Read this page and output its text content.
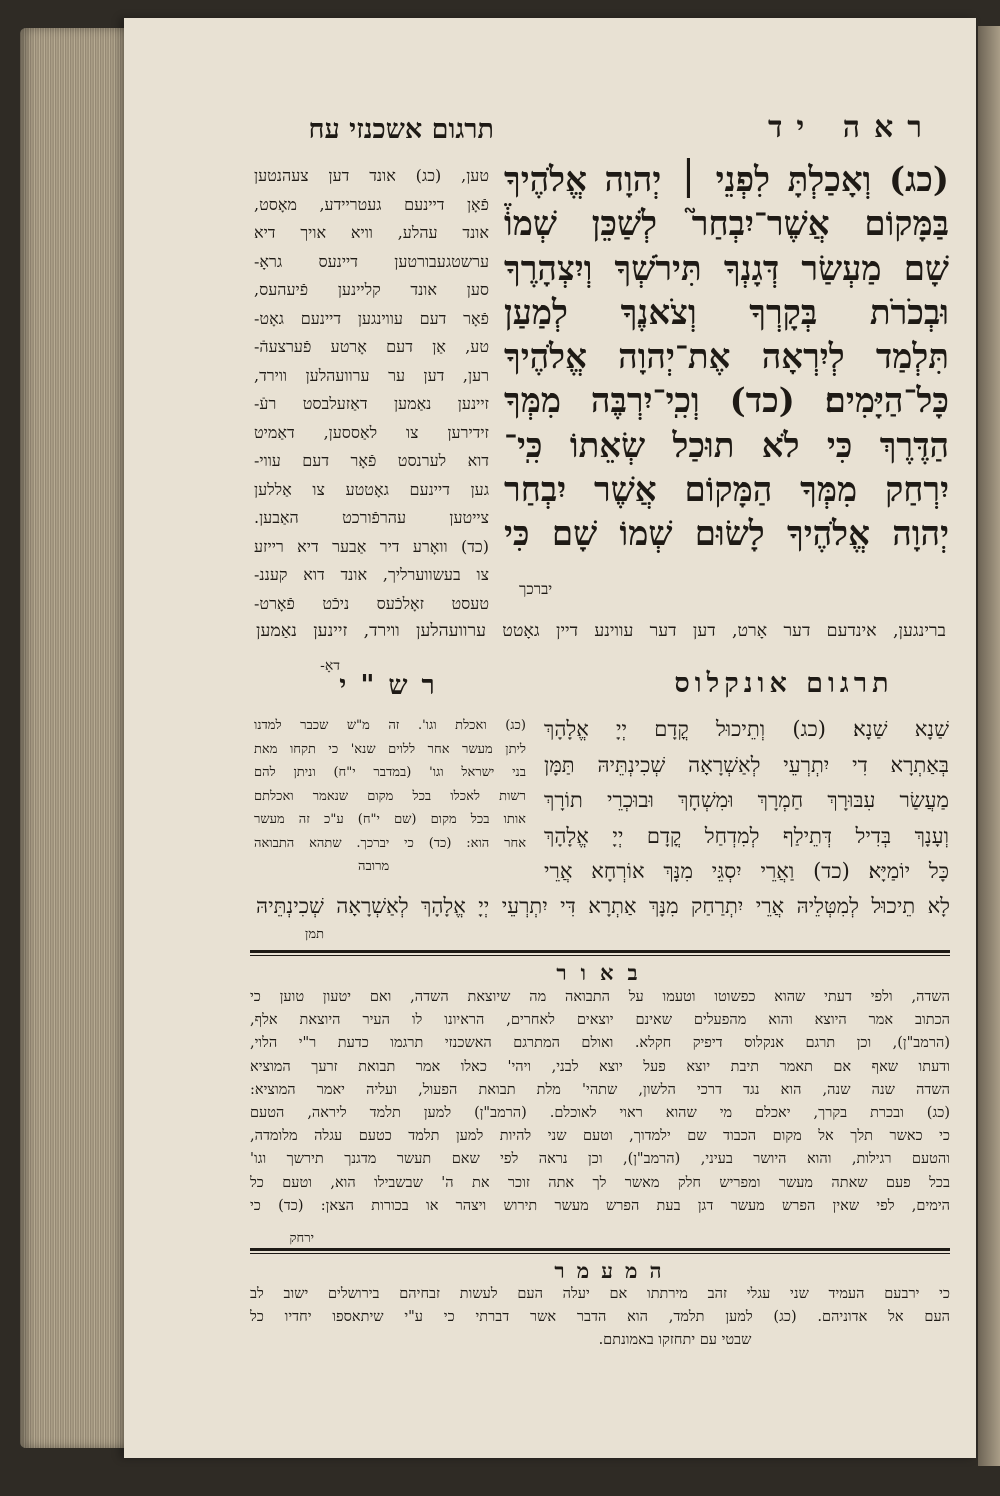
ראה יד
תרגום אשכנזי עח
(כג) וְאָכַלְתָּ לִפְנֵי ׀ יְהוָה אֱלֹהֶיךָ
בַּמָּקוֹם אֲשֶׁר־יִבְחַר֮ לְשַׁכֵּן שְׁמוֹ֒
שָׁם מַעְשַׂר דְּגָנְךָ תִּירֹשְׁךָ וְיִצְהָרֶךָ
וּבְכֹרֹת בְּקָרְךָ וְצֹאנֶךָ לְמַעַן
תִּלְמַד לְיִרְאָה אֶת־יְהוָה אֱלֹהֶיךָ
כָּל־הַיָּמִים׃ (כד) וְכִֽי־יִרְבֶּה מִמְּךָ
הַדֶּרֶךְ כִּי לֹא תוּכַל שְׂאֵתוֹ כִּֽי־
יִרְחַק מִמְּךָ הַמָּקוֹם אֲשֶׁר יִבְחַר
יְהוָה אֱלֹהֶיךָ לָשׂוּם שְׁמוֹ שָׁם כִּי
יברכך
טען, (כג) אונד דען צעהנטען
פֿאָן דיינעם געטריידע, מאָסט,
אונד עהלע, וויא אויך דיא
ערשטגעבורטען דיינעס גראָ-
סען אונד קליינען פֿיעהעס,
פֿאָר דעם עווינגען דיינעם גאָט-
טע, אַן דעם אָרטע פֿערצעהֿ-
רען, דען ער ערוועהלען ווירד,
זיינען נאַמען דאַזעלבסט רעֿ-
זידירען צו לאַססען, דאַמיט
דוא לערנסט פֿאָר דעם עווי-
גען דיינעם גאָטטע צו אַללען
צייטען עהרפֿורכט האַבען.
(כד) וואָרע דיר אַבער דיא רייזע
צו בעשווערליך, אונד דוא קעננ-
טעסט זאָלכֿעס ניכֿט פֿאָרט-
ברינגען, אינדעם דער אָרט, דען דער עווינע דיין גאָטט ערוועהלען ווירד, זיינען נאַמען
דאָ-
תרגום אונקלוס
רש"י
שַׁנָא שַׁנָא׃ (כג) וְתֵיכוּל קֳדָם יְיָ אֱלָהָךְ
בְּאַתְרָא דִי יִתְרְעֵי לְאַשְׁרָאָה שְׁכִינְתֵּיהּ תַּמָּן
מַעֲשַׂר עִבּוּרָךְ חַמְרָךְ וּמִשְׁחָךְ וּבוּכְרֵי תוֹרָךְ
וְעָנָךְ בְּדִיל דְּתֵילַף לְמִדְחַל קֳדָם יְיָ אֱלָהָךְ
כָּל יוֹמַיָּא׃ (כד) וַאֲרֵי יִסְגֵּי מִנָּךְ אוֹרְחָא אֲרֵי
לָא תֵיכוּל לְמִטְּלֵיהּ אֲרֵי יִתְרַחַק מִנָּךְ אַתְרָא דִּי יִתְרְעֵי יְיָ אֱלָהָךְ לְאַשְׁרָאָה שְׁכִינְתֵּיהּ
תמן
(כג) ואכלת וגו'. זה מ"ש שכבר למדנו
ליתן מעשר אחר ללוים שנא' כי תקחו מאת
בני ישראל וגו' (במדבר י"ח) וניתן להם
רשות לאכלו בכל מקום שנאמר ואכלתם
אותו בכל מקום (שם י"ח) ע"כ זה מעשר
אחר הוא: (כד) כי יברכך. שתהא התבואה
מרובה
באור
השדה, ולפי דעתי שהוא כפשוטו וטעמו על התבואה מה שיוצאת השדה, ואם יטעון טוען כי
הכתוב אמר היוצא והוא מהפעלים שאינם יוצאים לאחרים, הראיונו לו העיר היוצאת אלף,
(הרמב"ן), וכן תרגם אנקלוס דיפיק חקלא. ואולם המתרגם האשכנזי תרגמו כדעת ר"י הלוי,
ודעתו שאף אם תאמר תיבת יוצא פעל יוצא לבני, ויהי' כאלו אמר תבואת זרעך המוציא
השדה שנה שנה, הוא נגד דרכי הלשון, שתהי' מלת תבואת הפעול, ועליה יאמר המוציא:
(כג) ובכרת בקרך, יאכלם מי שהוא ראוי לאוכלם. (הרמב"ן) למען תלמד ליראה, הטעם
כי כאשר תלך אל מקום הכבוד שם ילמדוך, וטעם שני להיות למען תלמד כטעם עגלה מלומדה,
והטעם רגילות, והוא היושר בעיני, (הרמב"ן), וכן נראה לפי שאם תעשר מדגנך תירשך וגו'
בכל פעם שאתה מעשר ומפריש חלק מאשר לך אתה זוכר את ה' שבשבילו הוא, וטעם כל
הימים, לפי שאין הפרש מעשר דגן בעת הפרש מעשר תירוש ויצהר או בכורות הצאן: (כד) כי
ירחק
המעמר
כי ירבעם העמיד שני עגלי זהב מירתתו אם יעלה העם לעשות זבחיהם בירושלים ישוב לב
העם אל אדוניהם. (כג) למען תלמד, הוא הדבר אשר דברתי כי ע"י שיתאספו יחדיו כל
שבטי עם יתחזקו באמונתם.
